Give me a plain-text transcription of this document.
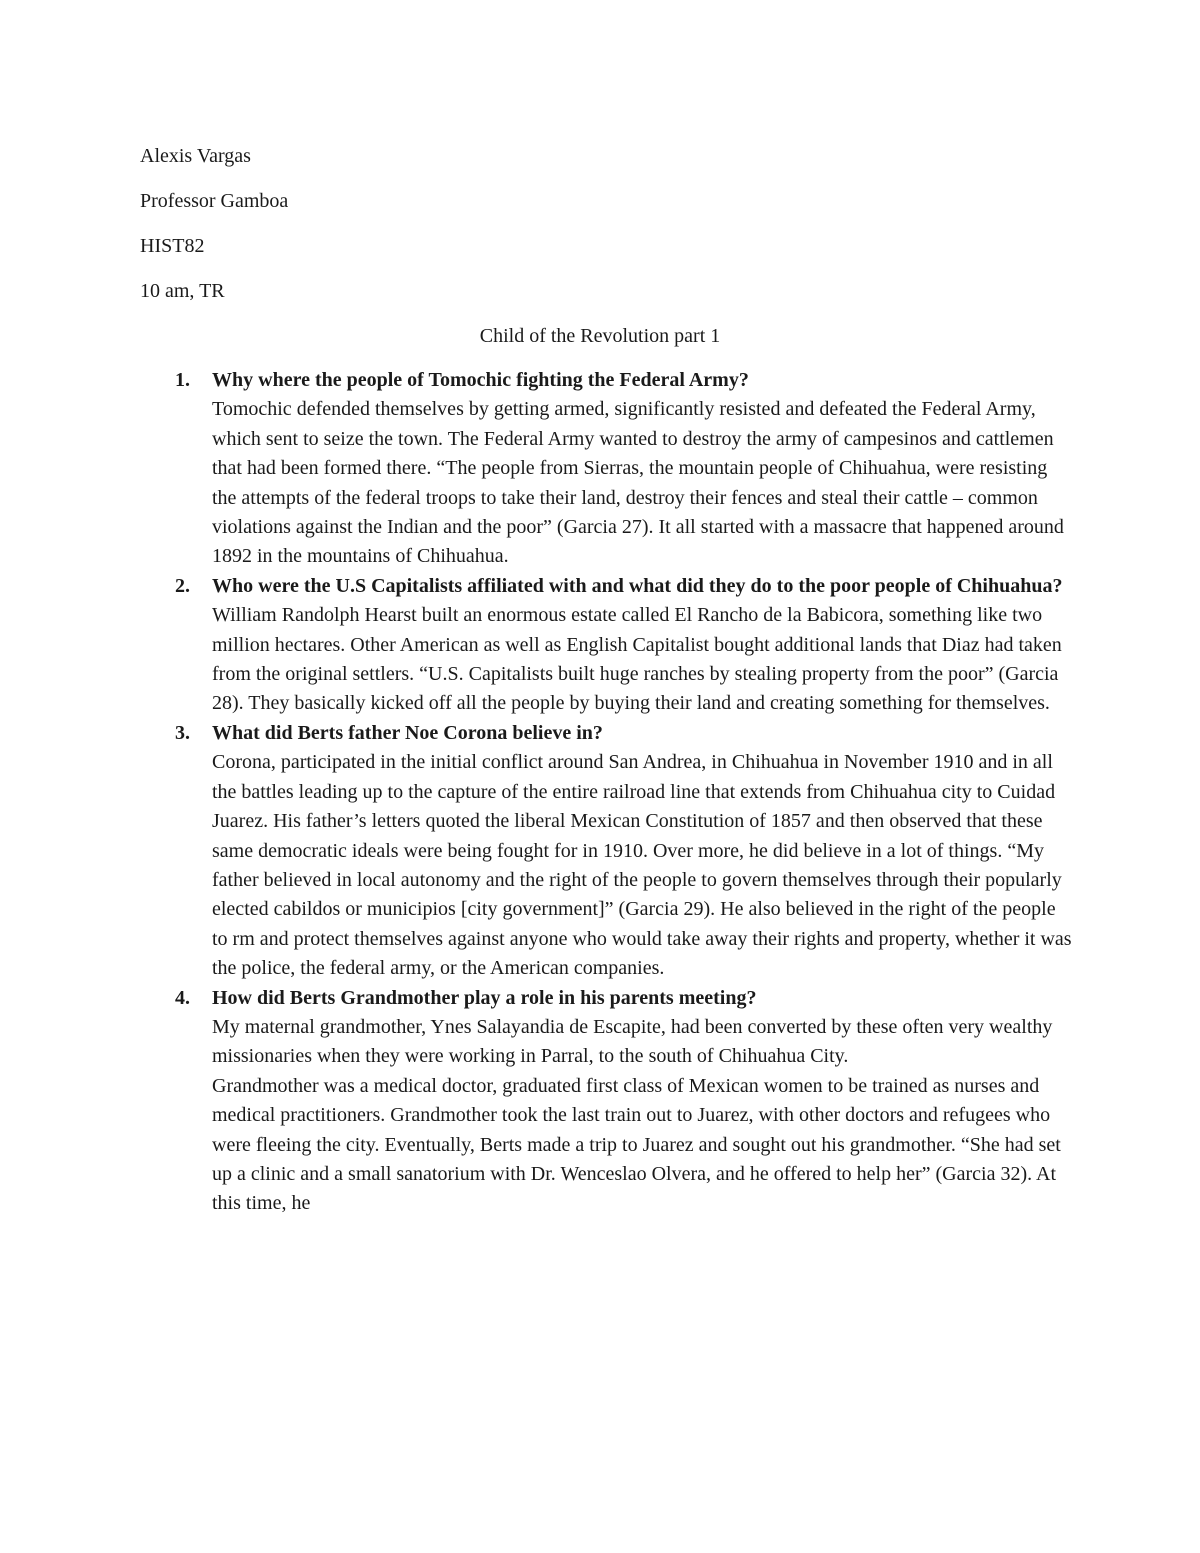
Alexis Vargas
Professor Gamboa
HIST82
10 am, TR
Child of the Revolution part 1
1. Why where the people of Tomochic fighting the Federal Army?

Tomochic defended themselves by getting armed, significantly resisted and defeated the Federal Army, which sent to seize the town. The Federal Army wanted to destroy the army of campesinos and cattlemen that had been formed there. “The people from Sierras, the mountain people of Chihuahua, were resisting the attempts of the federal troops to take their land, destroy their fences and steal their cattle – common violations against the Indian and the poor” (Garcia 27). It all started with a massacre that happened around 1892 in the mountains of Chihuahua.

2. Who were the U.S Capitalists affiliated with and what did they do to the poor people of Chihuahua?

William Randolph Hearst built an enormous estate called El Rancho de la Babicora, something like two million hectares. Other American as well as English Capitalist bought additional lands that Diaz had taken from the original settlers. “U.S. Capitalists built huge ranches by stealing property from the poor” (Garcia 28). They basically kicked off all the people by buying their land and creating something for themselves.

3. What did Berts father Noe Corona believe in?

Corona, participated in the initial conflict around San Andrea, in Chihuahua in November 1910 and in all the battles leading up to the capture of the entire railroad line that extends from Chihuahua city to Cuidad Juarez. His father’s letters quoted the liberal Mexican Constitution of 1857 and then observed that these same democratic ideals were being fought for in 1910. Over more, he did believe in a lot of things. “My father believed in local autonomy and the right of the people to govern themselves through their popularly elected cabildos or municipios [city government]” (Garcia 29). He also believed in the right of the people to rm and protect themselves against anyone who would take away their rights and property, whether it was the police, the federal army, or the American companies.

4. How did Berts Grandmother play a role in his parents meeting?

My maternal grandmother, Ynes Salayandia de Escapite, had been converted by these often very wealthy missionaries when they were working in Parral, to the south of Chihuahua City.

Grandmother was a medical doctor, graduated first class of Mexican women to be trained as nurses and medical practitioners. Grandmother took the last train out to Juarez, with other doctors and refugees who were fleeing the city. Eventually, Berts made a trip to Juarez and sought out his grandmother. “She had set up a clinic and a small sanatorium with Dr. Wenceslao Olvera, and he offered to help her” (Garcia 32). At this time, he
